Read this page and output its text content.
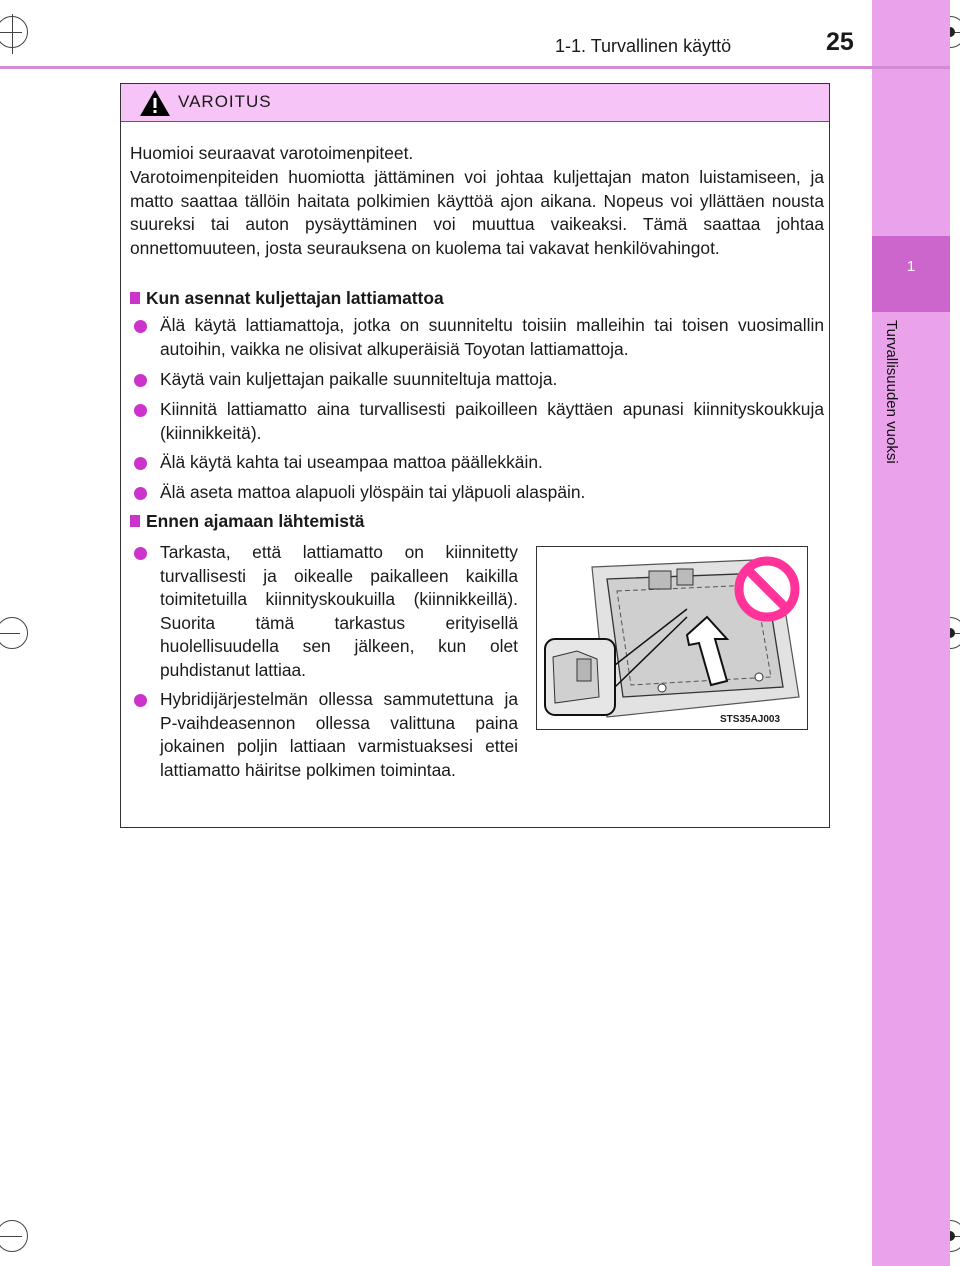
1
Turvallisuuden vuoksi
1-1. Turvallinen käyttö	25
VAROITUS
Huomioi seuraavat varotoimenpiteet.
Varotoimenpiteiden huomiotta jättäminen voi johtaa kuljettajan maton luistamiseen, ja matto saattaa tällöin haitata polkimien käyttöä ajon aikana. Nopeus voi yllättäen nousta suureksi tai auton pysäyttäminen voi muuttua vaikeaksi. Tämä saattaa johtaa onnettomuuteen, josta seurauksena on kuolema tai vakavat henkilövahingot.
Kun asennat kuljettajan lattiamattoa
Älä käytä lattiamattoja, jotka on suunniteltu toisiin malleihin tai toisen vuosimallin autoihin, vaikka ne olisivat alkuperäisiä Toyotan lattiamattoja.
Käytä vain kuljettajan paikalle suunniteltuja mattoja.
Kiinnitä lattiamatto aina turvallisesti paikoilleen käyttäen apunasi kiinnityskoukkuja (kiinnikkeitä).
Älä käytä kahta tai useampaa mattoa päällekkäin.
Älä aseta mattoa alapuoli ylöspäin tai yläpuoli alaspäin.
Ennen ajamaan lähtemistä
Tarkasta, että lattiamatto on kiinnitetty turvallisesti ja oikealle paikalleen kaikilla toimitetuilla kiinnityskoukuilla (kiinnikkeillä). Suorita tämä tarkastus erityisellä huolellisuudella sen jälkeen, kun olet puhdistanut lattiaa.
Hybridijärjestelmän ollessa sammutettuna ja P-vaihdeasennon ollessa valittuna paina jokainen poljin lattiaan varmistuaksesi ettei lattiamatto häiritse polkimen toimintaa.
STS35AJ003
